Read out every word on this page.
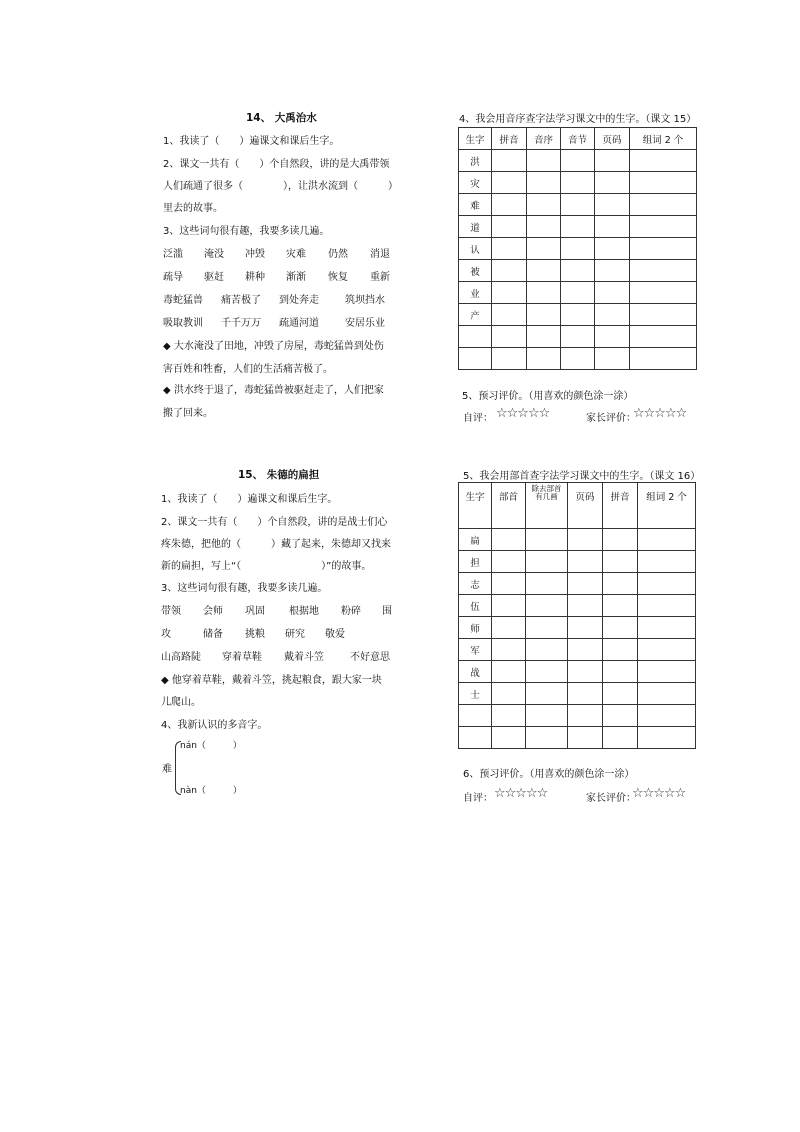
14、 大禹治水
1、我读了（　　）遍课文和课后生字。
2、课文一共有（　　）个自然段，讲的是大禹带领
人们疏通了很多（　　　　），让洪水流到（　　　）
里去的故事。
3、这些词句很有趣，我要多读几遍。
泛滥	淹没	冲毁	灾难	仍然	消退
疏导	驱赶	耕种	渐渐	恢复	重新
毒蛇猛兽	痛苦极了	到处奔走	筑坝挡水
吸取教训	千千万万	疏通河道	安居乐业
◆ 大水淹没了田地，冲毁了房屋，毒蛇猛兽到处伤
害百姓和牲畜，人们的生活痛苦极了。
◆ 洪水终于退了，毒蛇猛兽被驱赶走了，人们把家
搬了回来。
4、我会用音序查字法学习课文中的生字。（课文 15）
生字	拼音	音序	音节	页码	组词 2 个
洪					
灾					
难					
道					
认					
被					
业					
产					

5、预习评价。（用喜欢的颜色涂一涂）
自评： ☆☆☆☆☆	家长评价：
☆☆☆☆☆
15、 朱德的扁担
1、我读了（　　）遍课文和课后生字。
2、课文一共有（　　）个自然段，讲的是战士们心
疼朱德，把他的（　　　）藏了起来，朱德却又找来
新的扁担，写上“（　　　　　　　　）”的故事。
3、这些词句很有趣，我要多读几遍。
带领	会师	巩固	根据地	粉碎	围
攻	储备	挑粮	研究	敬爱
山高路陡	穿着草鞋	戴着斗笠	不好意思
◆ 他穿着草鞋，戴着斗笠，挑起粮食，跟大家一块
儿爬山。
4、我新认识的多音字。
难
nán（　　　）
nàn（　　　）
5、我会用部首查字法学习课文中的生字。（课文 16）
生字	部首	除去部首有几画	页码	拼音	组词 2 个
扁					
担					
志					
伍					
师					
军					
战					
士					

6、预习评价。（用喜欢的颜色涂一涂）
自评： ☆☆☆☆☆	家长评价：
☆☆☆☆☆
